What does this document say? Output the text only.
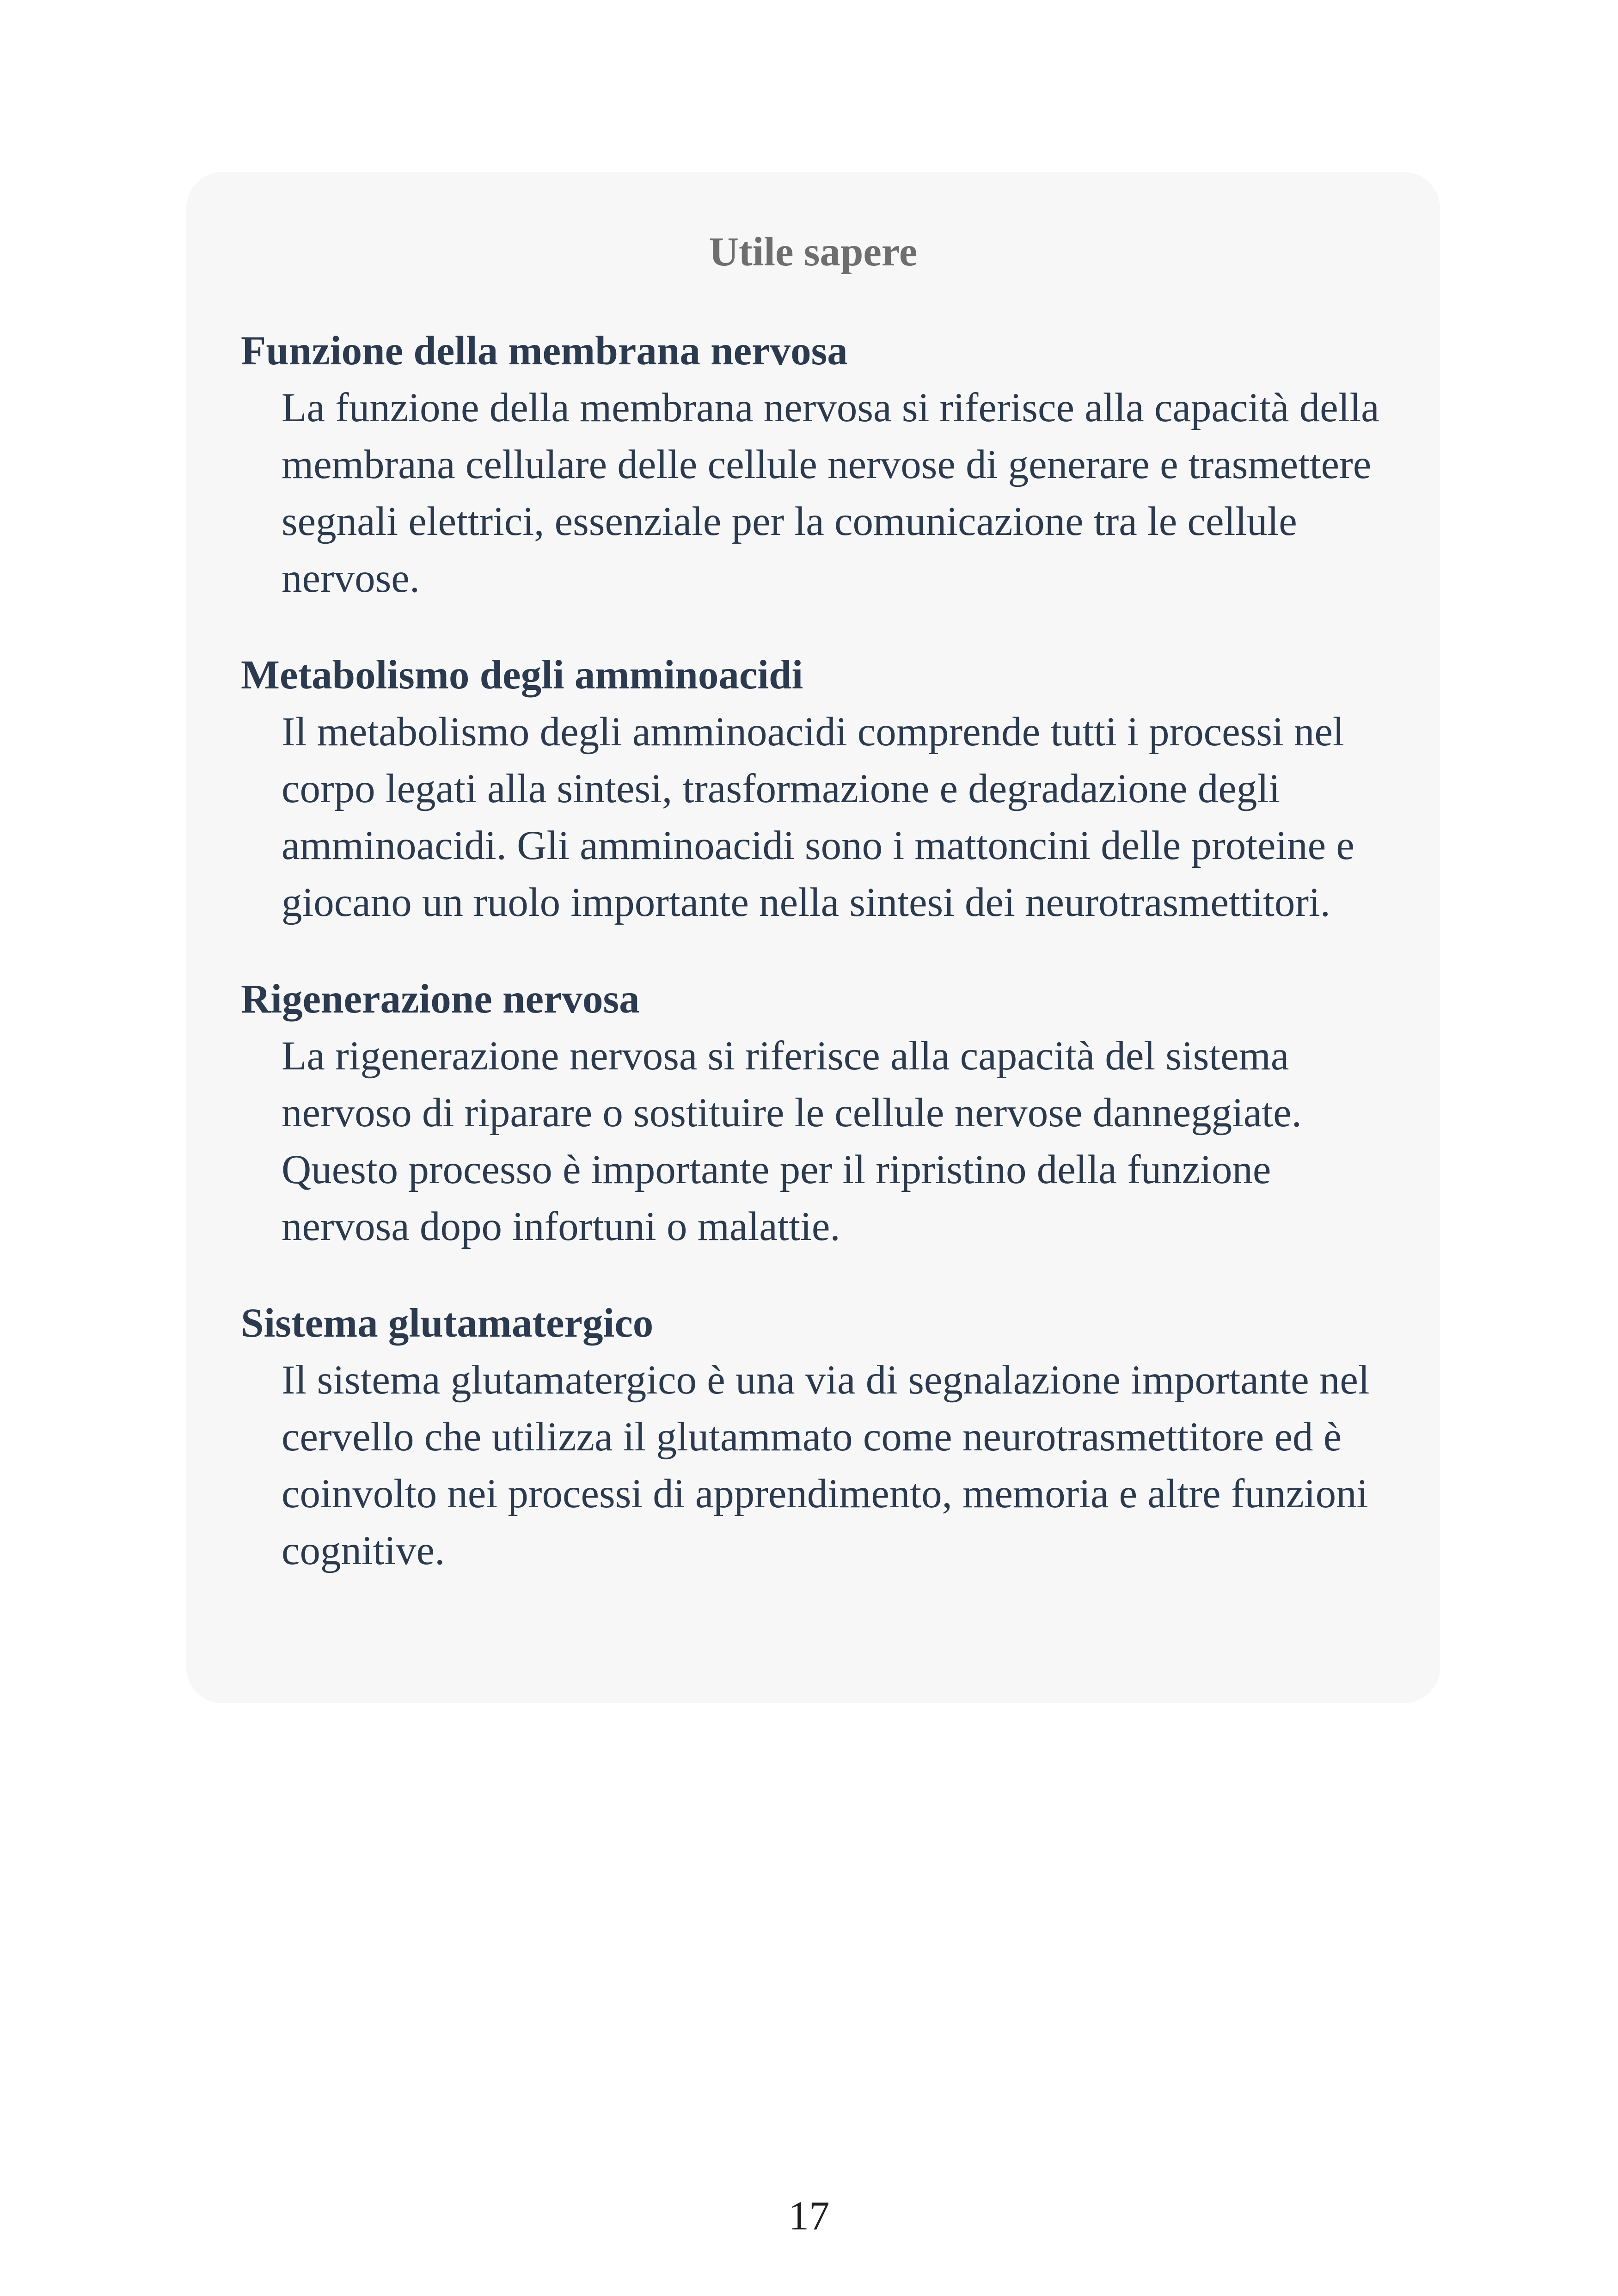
Utile sapere

Funzione della membrana nervosa

La funzione della membrana nervosa si riferisce alla capacità della membrana cellulare delle cellule nervose di generare e trasmettere segnali elettrici, essenziale per la comunicazione tra le cellule nervose.

Metabolismo degli amminoacidi

Il metabolismo degli amminoacidi comprende tutti i processi nel corpo legati alla sintesi, trasformazione e degradazione degli amminoacidi. Gli amminoacidi sono i mattoncini delle proteine e giocano un ruolo importante nella sintesi dei neurotrasmettitori.

Rigenerazione nervosa

La rigenerazione nervosa si riferisce alla capacità del sistema nervoso di riparare o sostituire le cellule nervose danneggiate. Questo processo è importante per il ripristino della funzione nervosa dopo infortuni o malattie.

Sistema glutamatergico

Il sistema glutamatergico è una via di segnalazione importante nel cervello che utilizza il glutammato come neurotrasmettitore ed è coinvolto nei processi di apprendimento, memoria e altre funzioni cognitive.

17
